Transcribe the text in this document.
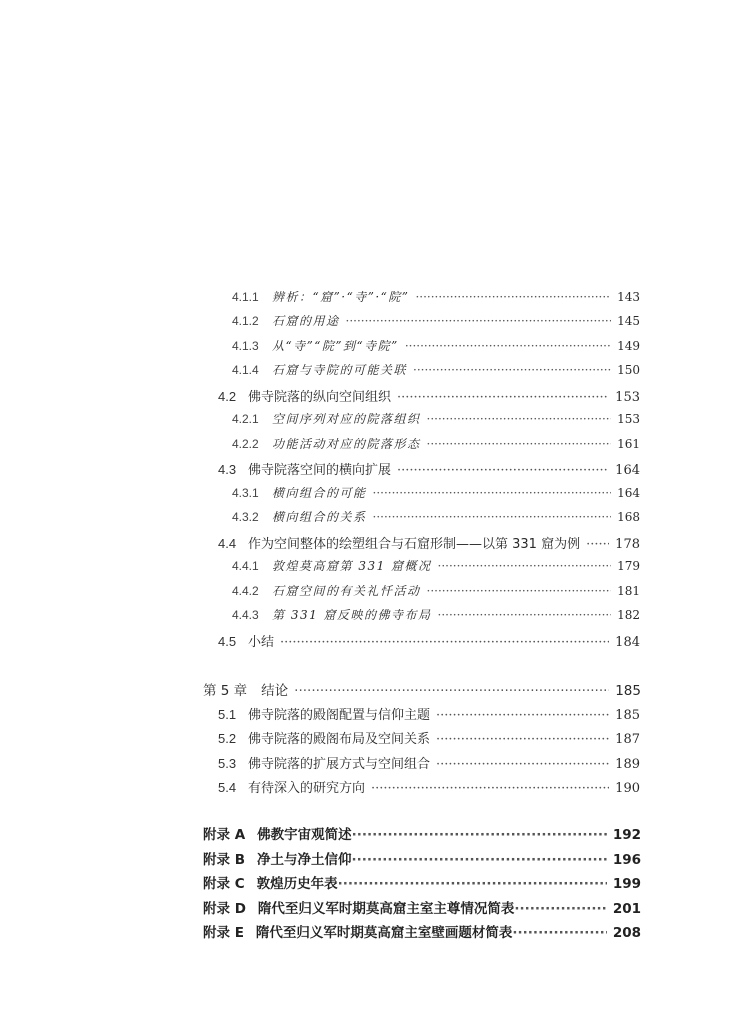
4.1.1	辨析：“窟”·“寺”·“院” ·····	143
4.1.2	石窟的用途 ·····	145
4.1.3	从“寺”“院”到“寺院” ·····	149
4.1.4	石窟与寺院的可能关联 ·····	150
4.2 佛寺院落的纵向空间组织 ·····	153
4.2.1	空间序列对应的院落组织 ·····	153
4.2.2	功能活动对应的院落形态 ·····	161
4.3 佛寺院落空间的横向扩展 ·····	164
4.3.1	横向组合的可能 ·····	164
4.3.2	横向组合的关系 ·····	168
4.4 作为空间整体的绘塑组合与石窟形制——以第 331 窟为例 ·····	178
4.4.1	敦煌莫高窟第 331 窟概况 ·····	179
4.4.2	石窟空间的有关礼忏活动 ·····	181
4.4.3	第 331 窟反映的佛寺布局 ·····	182
4.5 小结 ·····	184
第 5 章 结论 ·····	185
5.1 佛寺院落的殿阁配置与信仰主题 ·····	185
5.2 佛寺院落的殿阁布局及空间关系 ·····	187
5.3 佛寺院落的扩展方式与空间组合 ·····	189
5.4 有待深入的研究方向 ·····	190
附录 A 佛教宇宙观简述 ·····	192
附录 B 净土与净土信仰 ·····	196
附录 C 敦煌历史年表 ·····	199
附录 D 隋代至归义军时期莫高窟主室主尊情况简表 ·····	201
附录 E 隋代至归义军时期莫高窟主室壁画题材简表 ·····	208
